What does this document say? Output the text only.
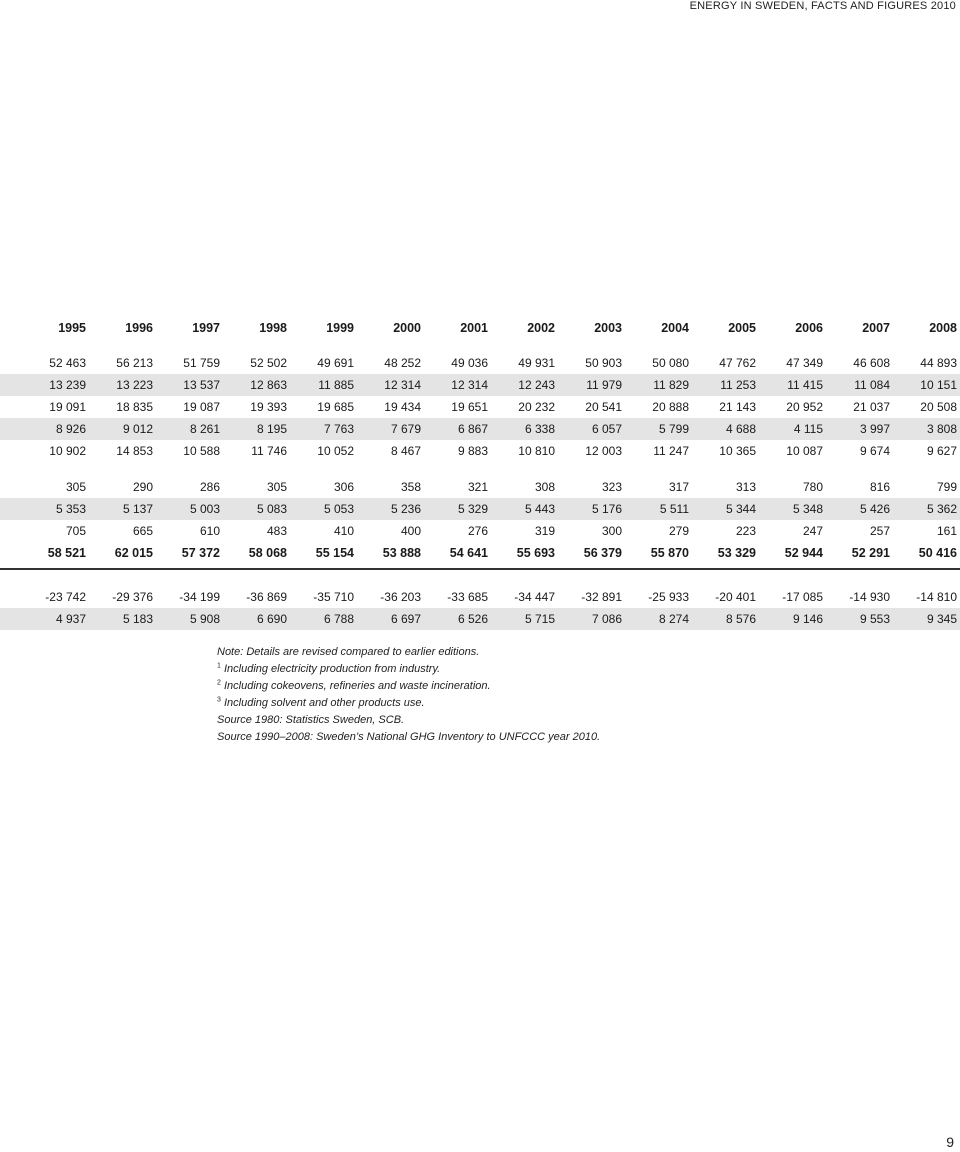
ENERGY IN SWEDEN, FACTS AND FIGURES 2010
1995	1996	1997	1998	1999	2000	2001	2002	2003	2004	2005	2006	2007	2008
52 463	56 213	51 759	52 502	49 691	48 252	49 036	49 931	50 903	50 080	47 762	47 349	46 608	44 893
13 239	13 223	13 537	12 863	11 885	12 314	12 314	12 243	11 979	11 829	11 253	11 415	11 084	10 151
19 091	18 835	19 087	19 393	19 685	19 434	19 651	20 232	20 541	20 888	21 143	20 952	21 037	20 508
8 926	9 012	8 261	8 195	7 763	7 679	6 867	6 338	6 057	5 799	4 688	4 115	3 997	3 808
10 902	14 853	10 588	11 746	10 052	8 467	9 883	10 810	12 003	11 247	10 365	10 087	9 674	9 627
305	290	286	305	306	358	321	308	323	317	313	780	816	799
5 353	5 137	5 003	5 083	5 053	5 236	5 329	5 443	5 176	5 511	5 344	5 348	5 426	5 362
705	665	610	483	410	400	276	319	300	279	223	247	257	161
58 521	62 015	57 372	58 068	55 154	53 888	54 641	55 693	56 379	55 870	53 329	52 944	52 291	50 416
-23 742	-29 376	-34 199	-36 869	-35 710	-36 203	-33 685	-34 447	-32 891	-25 933	-20 401	-17 085	-14 930	-14 810
4 937	5 183	5 908	6 690	6 788	6 697	6 526	5 715	7 086	8 274	8 576	9 146	9 553	9 345
Note: Details are revised compared to earlier editions.
$^1$ Including electricity production from industry.
$^2$ Including cokeovens, refineries and waste incineration.
$^3$ Including solvent and other products use.
Source 1980: Statistics Sweden, SCB.
Source 1990–2008: Sweden’s National GHG Inventory to UNFCCC year 2010.
9
